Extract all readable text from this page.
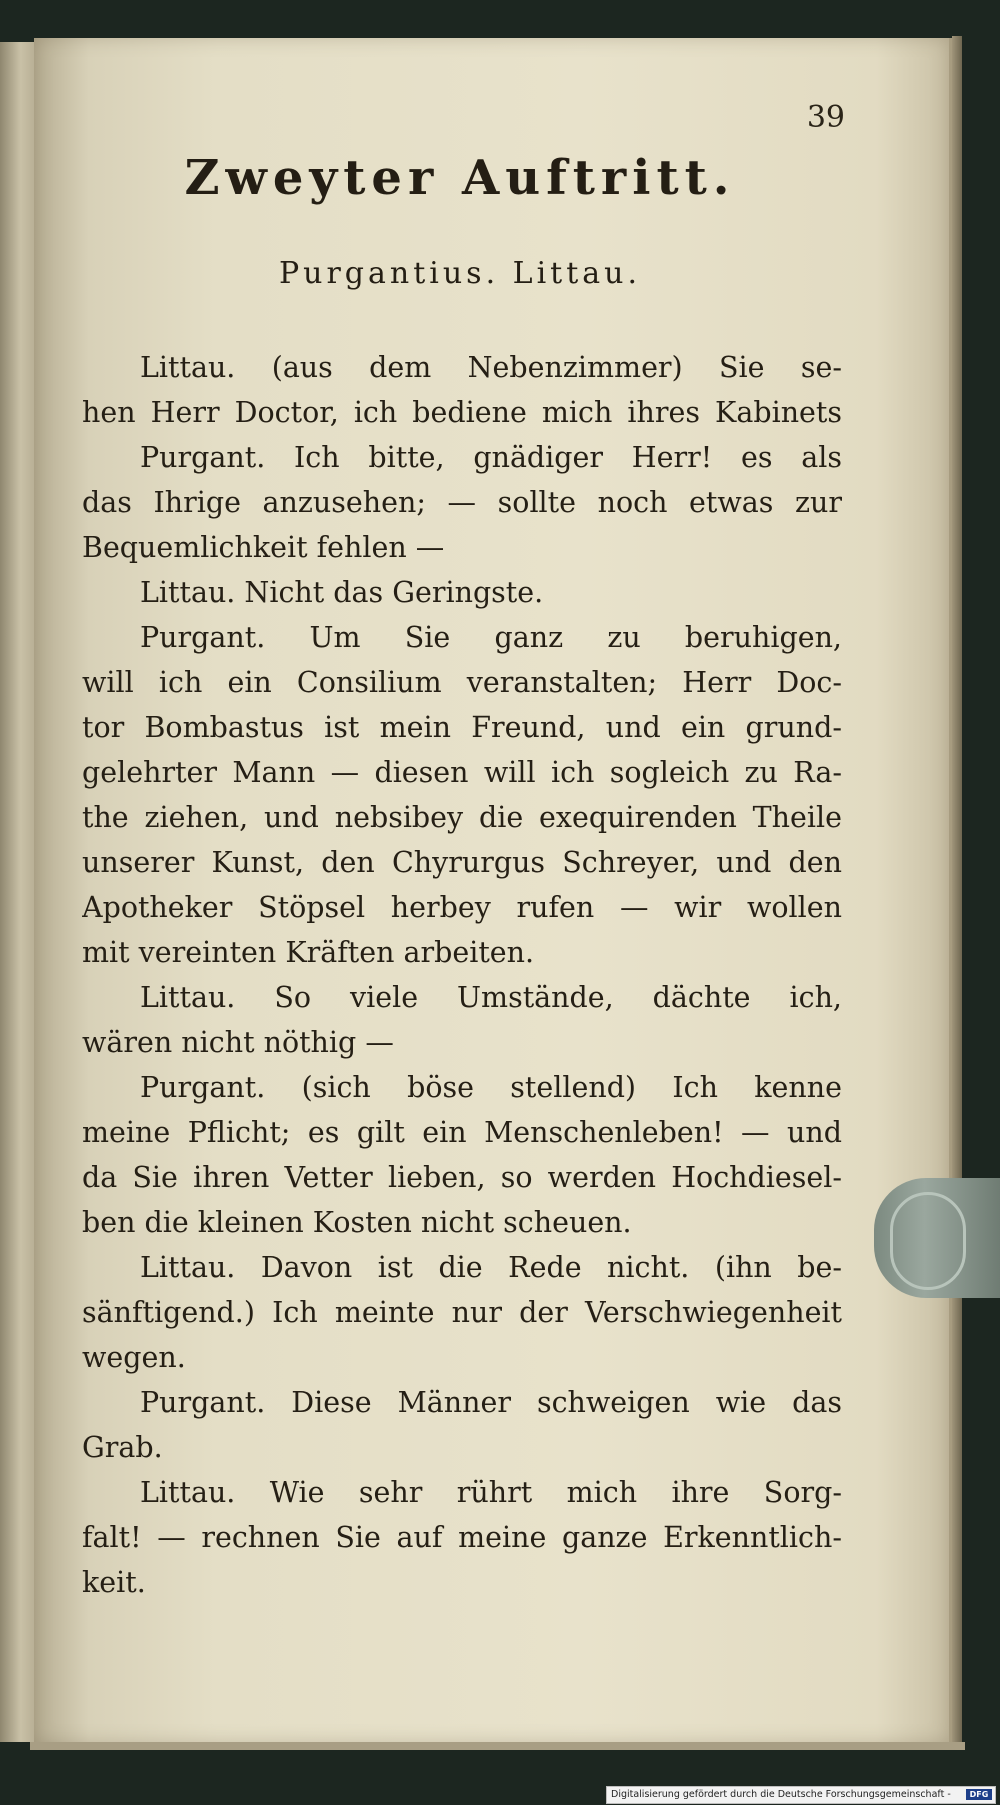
39
Zweyter Auftritt.
Purgantius. Littau.
Littau. (aus dem Nebenzimmer) Sie se-
hen Herr Doctor, ich bediene mich ihres Kabinets
Purgant. Ich bitte, gnädiger Herr! es als
das Ihrige anzusehen; — sollte noch etwas zur
Bequemlichkeit fehlen —
Littau. Nicht das Geringste.
Purgant. Um Sie ganz zu beruhigen,
will ich ein Consilium veranstalten; Herr Doc-
tor Bombastus ist mein Freund, und ein grund-
gelehrter Mann — diesen will ich sogleich zu Ra-
the ziehen, und nebsibey die exequirenden Theile
unserer Kunst, den Chyrurgus Schreyer, und den
Apotheker Stöpsel herbey rufen — wir wollen
mit vereinten Kräften arbeiten.
Littau. So viele Umstände, dächte ich,
wären nicht nöthig —
Purgant. (sich böse stellend) Ich kenne
meine Pflicht; es gilt ein Menschenleben! — und
da Sie ihren Vetter lieben, so werden Hochdiesel-
ben die kleinen Kosten nicht scheuen.
Littau. Davon ist die Rede nicht. (ihn be-
sänftigend.) Ich meinte nur der Verschwiegenheit
wegen.
Purgant. Diese Männer schweigen wie das
Grab.
Littau. Wie sehr rührt mich ihre Sorg-
falt! — rechnen Sie auf meine ganze Erkenntlich-
keit.
Digitalisierung gefördert durch die Deutsche Forschungsgemeinschaft -	DFG
